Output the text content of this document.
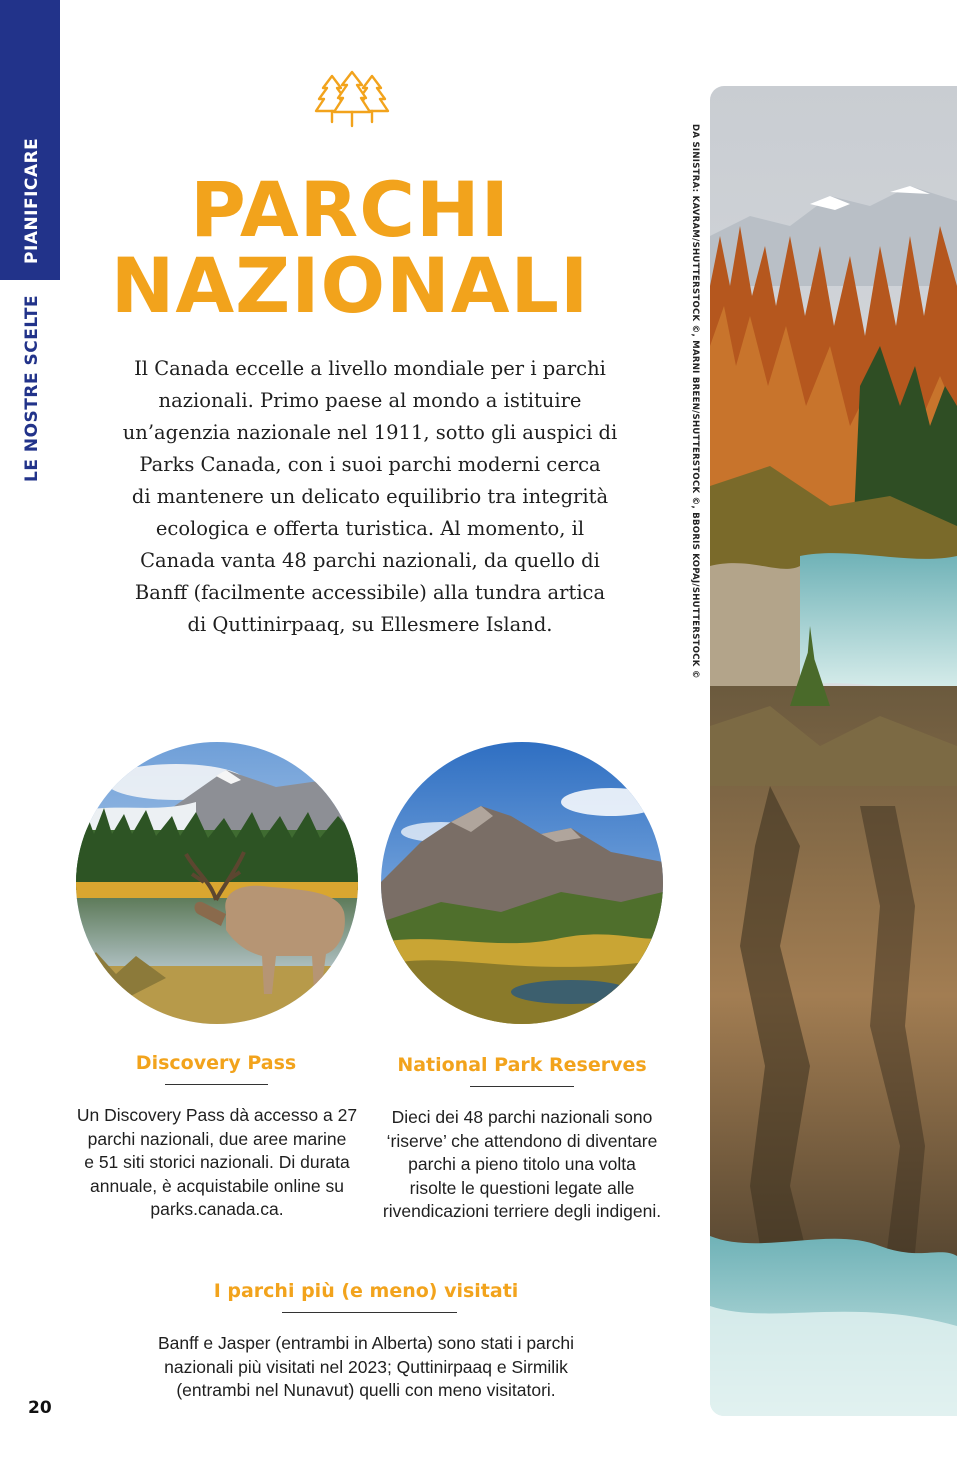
PIANIFICARE
LE NOSTRE SCELTE
PARCHI
NAZIONALI
Il Canada eccelle a livello mondiale per i parchi
nazionali. Primo paese al mondo a istituire
un’agenzia nazionale nel 1911, sotto gli auspici di
Parks Canada, con i suoi parchi moderni cerca
di mantenere un delicato equilibrio tra integrità
ecologica e offerta turistica. Al momento, il
Canada vanta 48 parchi nazionali, da quello di
Banff (facilmente accessibile) alla tundra artica
di Quttinirpaaq, su Ellesmere Island.
Discovery Pass
Un Discovery Pass dà accesso a 27
parchi nazionali, due aree marine
e 51 siti storici nazionali. Di durata
annuale, è acquistabile online su
parks.canada.ca.
National Park Reserves
Dieci dei 48 parchi nazionali sono
‘riserve’ che attendono di diventare
parchi a pieno titolo una volta
risolte le questioni legate alle
rivendicazioni terriere degli indigeni.
I parchi più (e meno) visitati
Banff e Jasper (entrambi in Alberta) sono stati i parchi
nazionali più visitati nel 2023; Quttinirpaaq e Sirmilik
(entrambi nel Nunavut) quelli con meno visitatori.
DA SINISTRA: KAVRAM/SHUTTERSTOCK ©, MARNI BREEN/SHUTTERSTOCK ©, BBORIS KOPAJ/SHUTTERSTOCK ©
20
